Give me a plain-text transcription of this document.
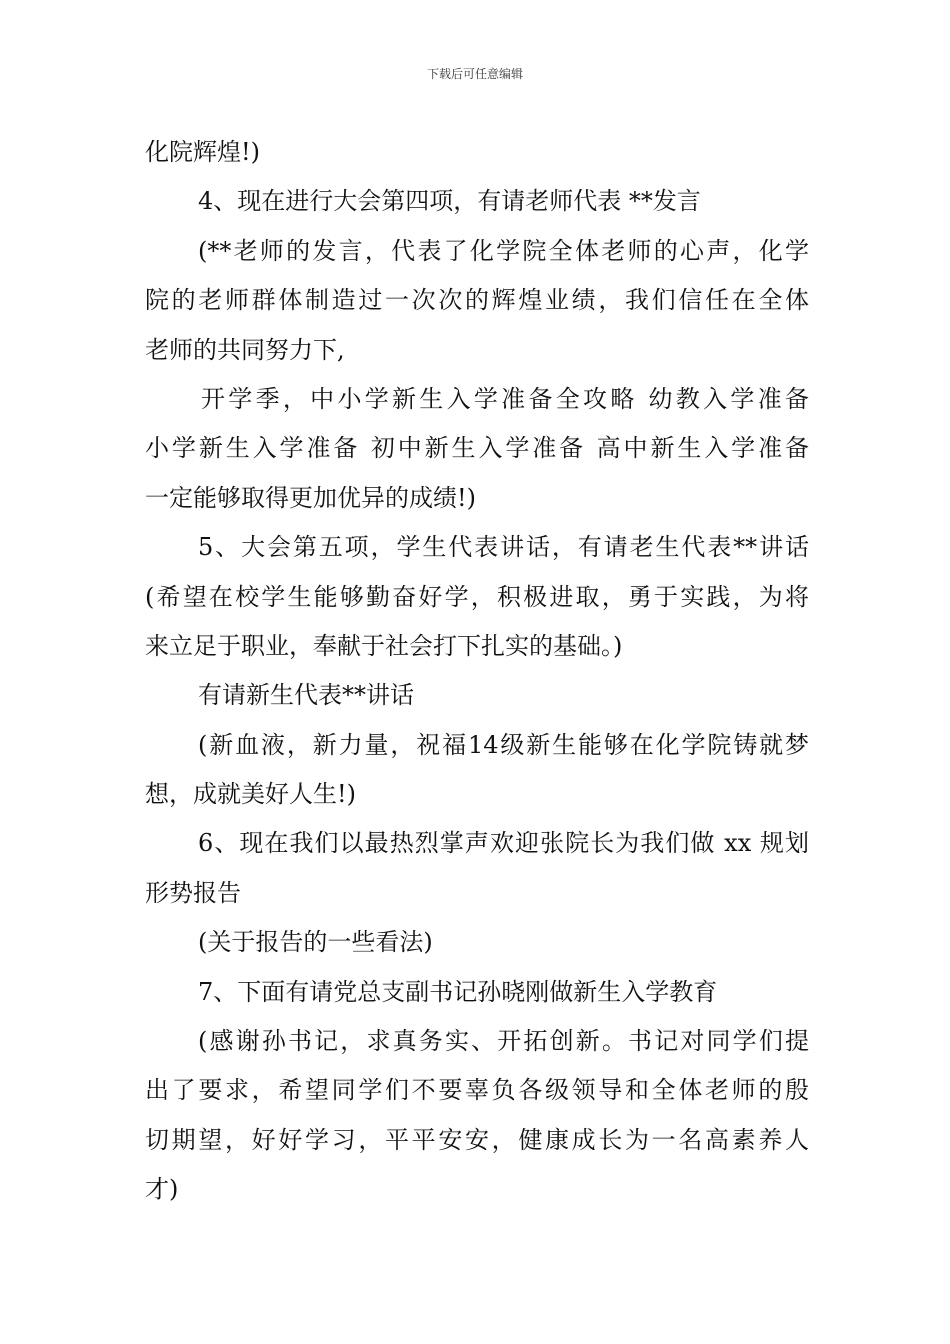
下载后可任意编辑
化院辉煌!)
4、现在进行大会第四项，有请老师代表 **发言
(**老师的发言，代表了化学院全体老师的心声，化学
院的老师群体制造过一次次的辉煌业绩，我们信任在全体
老师的共同努力下,
开学季，中小学新生入学准备全攻略 幼教入学准备
小学新生入学准备 初中新生入学准备 高中新生入学准备
一定能够取得更加优异的成绩!)
5、大会第五项，学生代表讲话，有请老生代表**讲话
(希望在校学生能够勤奋好学，积极进取，勇于实践，为将
来立足于职业，奉献于社会打下扎实的基础。)
有请新生代表**讲话
(新血液，新力量，祝福14级新生能够在化学院铸就梦
想，成就美好人生!)
6、现在我们以最热烈掌声欢迎张院长为我们做 xx 规划
形势报告
(关于报告的一些看法)
7、下面有请党总支副书记孙晓刚做新生入学教育
(感谢孙书记，求真务实、开拓创新。书记对同学们提
出了要求，希望同学们不要辜负各级领导和全体老师的殷
切期望，好好学习，平平安安，健康成长为一名高素养人
才)
